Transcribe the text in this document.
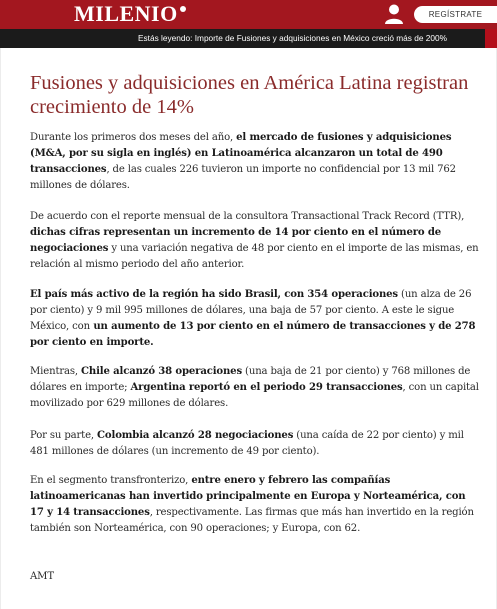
MILENIO	REGÍSTRATE
Estás leyendo: Importe de Fusiones y adquisiciones en México creció más de 200%
Fusiones y adquisiciones en América Latina registran crecimiento de 14%

Durante los primeros dos meses del año, el mercado de fusiones y adquisiciones (M&A, por su sigla en inglés) en Latinoamérica alcanzaron un total de 490 transacciones, de las cuales 226 tuvieron un importe no confidencial por 13 mil 762 millones de dólares.

De acuerdo con el reporte mensual de la consultora Transactional Track Record (TTR), dichas cifras representan un incremento de 14 por ciento en el número de negociaciones y una variación negativa de 48 por ciento en el importe de las mismas, en relación al mismo periodo del año anterior.

El país más activo de la región ha sido Brasil, con 354 operaciones (un alza de 26 por ciento) y 9 mil 995 millones de dólares, una baja de 57 por ciento. A este le sigue México, con un aumento de 13 por ciento en el número de transacciones y de 278 por ciento en importe.

Mientras, Chile alcanzó 38 operaciones (una baja de 21 por ciento) y 768 millones de dólares en importe; Argentina reportó en el periodo 29 transacciones, con un capital movilizado por 629 millones de dólares.

Por su parte, Colombia alcanzó 28 negociaciones (una caída de 22 por ciento) y mil 481 millones de dólares (un incremento de 49 por ciento).

En el segmento transfronterizo, entre enero y febrero las compañías latinoamericanas han invertido principalmente en Europa y Norteamérica, con 17 y 14 transacciones, respectivamente. Las firmas que más han invertido en la región también son Norteamérica, con 90 operaciones; y Europa, con 62.

AMT
